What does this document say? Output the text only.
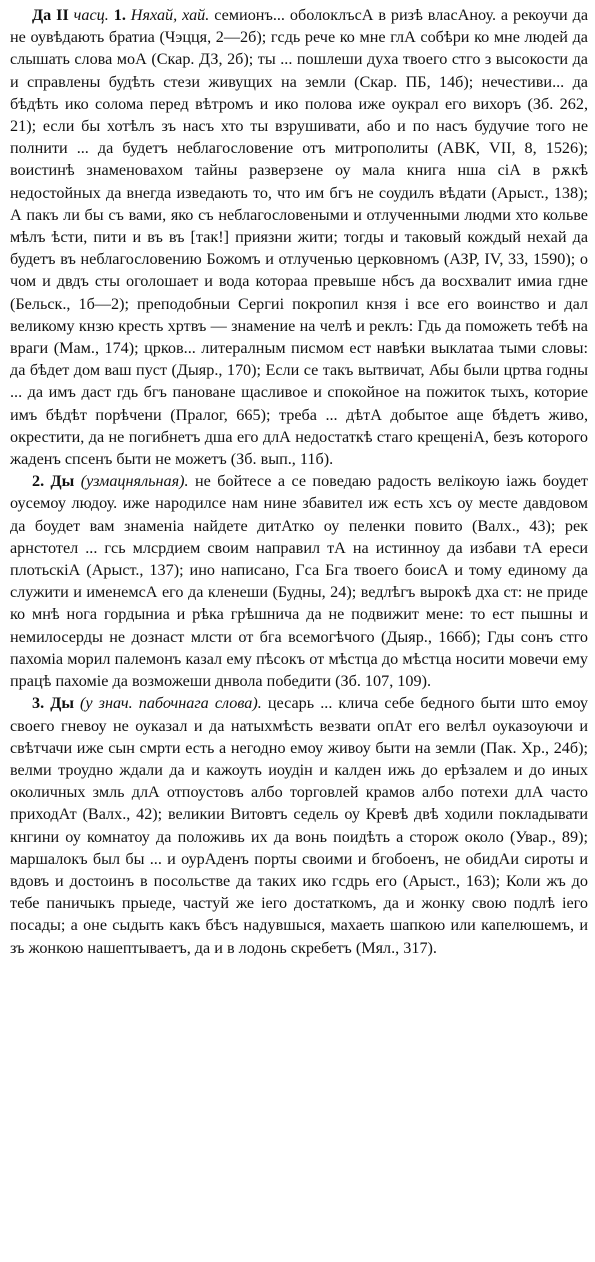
Да II часц. 1. Няхай, хай. семионъ... оболоклъсА в ризѣ власАноу. а рекоучи да не оувѣдають братиа (Чэцця, 2—2б); гсдь рече ко мне глА собѣри ко мне людей да слышать слова моА (Скар. ДЗ, 2б); ты ... пошлеши духа твоего стго з высокости да и справлены будѣть стези живущих на земли (Скар. ПБ, 14б); нечестиви... да бѣдѣть ико солома перед вѣтромъ и ико полова иже оукрал его вихоръ (Зб. 262, 21); если бы хотѣлъ зъ насъ хто ты взрушивати, або и по насъ будучие того не полнити ... да будетъ неблагословение отъ митрополиты (АВК, VII, 8, 1526); воистинѣ знаменовахом тайны разверзене оу мала книга нша сiА в рѫкѣ недостойных да внегда изведають то, что им бгъ не соудилъ вѣдати (Арыст., 138); А пакъ ли бы съ вами, яко съ неблагословеными и отлученными людми хто кольве мѣлъ ѣсти, пити и въ въ [так!] приязни жити; тогды и таковый кождый нехай да будетъ въ неблагословению Божомъ и отлученью церковномъ (АЗР, IV, 33, 1590); о чом и двдъ сты оголошает и вода котораа превыше нбсъ да восхвалит имиа гдне (Бельск., 1б—2); преподобныи Сергиi покропил кнзя i все его воинство и дал великому кнзю кресть хртвъ — знамение на челѣ и реклъ: Гдь да поможеть тебѣ на враги (Мам., 174); црков... литералным писмом ест навѣки выклатаа тыми словы: да бѣдет дом ваш пуст (Дыяр., 170); Если се такъ вытвичат, Абы были цртва годны ... да имъ даст гдь бгъ пановане щасливое и спокойное на пожиток тыхъ, которие имъ бѣдѣт порѣчени (Пралог, 665); треба ... дѣтА добытое аще бѣдетъ живо, окрестити, да не погибнетъ дша его длА недостаткѣ стаго крещенiА, безъ которого жаденъ спсенъ быти не можетъ (Зб. вып., 11б).

2. Ды (узмацняльная). не бойтесе а се поведаю радость велiкоую iажь боудет оусемоу людоу. иже народилсе нам нине збавител иж есть хсъ оу месте давдовом да боудет вам знаменiа найдете дитАтко оу пеленки повито (Валх., 43); рек арнстотел ... гсь млсрдием своим направил тА на истинноу да избави тА ереси плотьскiА (Арыст., 137); ино написано, Гса Бга твоего боисА и тому единому да служити и именемсА его да кленеши (Будны, 24); ведлѣгъ вырокѣ дха ст: не приде ко мнѣ нога гордыниа и рѣка грѣшнича да не подвижит мене: то ест пышны и немилосерды не дознаст млсти от бга всемогѣчого (Дыяр., 166б); Гды сонъ стго пахомiа морил палемонъ казал ему пѣсокъ от мѣстца до мѣстца носити мовечи ему працѣ пахомiе да возможеши днвола победити (Зб. 107, 109).

3. Ды (у знач. пабочнага слова). цесарь ... клича себе бедного быти што емоу своего гневоу не оуказал и да натыхмѣсть везвати опАт его велѣл оуказоуючи и свѣтчачи иже сын смрти есть а негодно емоу живоу быти на земли (Пак. Хр., 24б); велми троудно ждали да и кажоуть иоудiн и калден ижь до ерѣзалем и до иных околичных змль длА отпоустовъ албо торговлей крамов албо потехи длА часто приходАт (Валх., 42); великии Витовтъ седель оу Кревѣ двѣ ходили покладывати кнгини оу комнатоу да положивь их да вонь поидѣть а сторож около (Увар., 89); маршалокъ был бы ... и оурАденъ порты своими и бгобоенъ, не обидАи сироты и вдовъ и достоинъ в посольстве да таких ико гсдрь его (Арыст., 163); Коли жъ до тебе паничыкъ прыеде, частуй же iего достаткомъ, да и жонку свою подлѣ iего посады; а оне сыдыть какъ бѣсъ надувшыся, махаеть шапкою или капелюшемъ, и зъ жонкою нашептываетъ, да и в лодонь скребетъ (Мял., 317).
